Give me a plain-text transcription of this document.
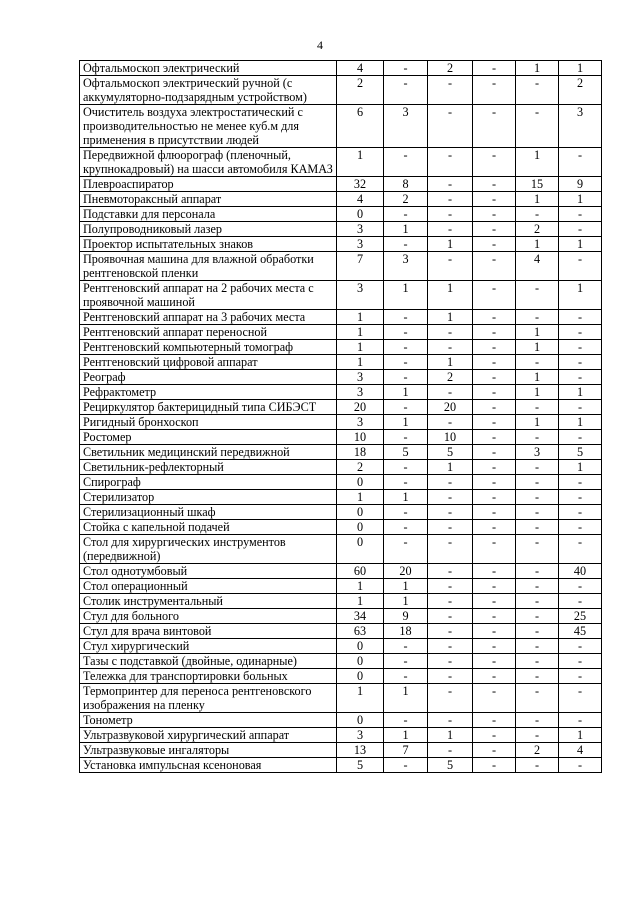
4
Офтальмоскоп электрический	4	-	2	-	1	1
Офтальмоскоп электрический ручной (с аккумуляторно-подзарядным устройством)	2	-	-	-	-	2
Очиститель воздуха электростатический с производительностью не менее куб.м для применения в присутствии людей	6	3	-	-	-	3
Передвижной флюорограф (пленочный, крупнокадровый) на шасси автомобиля КАМАЗ	1	-	-	-	1	-
Плевроаспиратор	32	8	-	-	15	9
Пневмотораксный аппарат	4	2	-	-	1	1
Подставки для персонала	0	-	-	-	-	-
Полупроводниковый лазер	3	1	-	-	2	-
Проектор испытательных знаков	3	-	1	-	1	1
Проявочная машина для влажной обработки рентгеновской пленки	7	3	-	-	4	-
Рентгеновский аппарат на 2 рабочих места с проявочной машиной	3	1	1	-	-	1
Рентгеновский аппарат на 3 рабочих места	1	-	1	-	-	-
Рентгеновский аппарат переносной	1	-	-	-	1	-
Рентгеновский компьютерный томограф	1	-	-	-	1	-
Рентгеновский цифровой аппарат	1	-	1	-	-	-
Реограф	3	-	2	-	1	-
Рефрактометр	3	1	-	-	1	1
Рециркулятор бактерицидный типа СИБЭСТ	20	-	20	-	-	-
Ригидный бронхоскоп	3	1	-	-	1	1
Ростомер	10	-	10	-	-	-
Светильник медицинский передвижной	18	5	5	-	3	5
Светильник-рефлекторный	2	-	1	-	-	1
Спирограф	0	-	-	-	-	-
Стерилизатор	1	1	-	-	-	-
Стерилизационный шкаф	0	-	-	-	-	-
Стойка с капельной подачей	0	-	-	-	-	-
Стол для хирургических инструментов (передвижной)	0	-	-	-	-	-
Стол однотумбовый	60	20	-	-	-	40
Стол операционный	1	1	-	-	-	-
Столик инструментальный	1	1	-	-	-	-
Стул для больного	34	9	-	-	-	25
Стул для врача винтовой	63	18	-	-	-	45
Стул хирургический	0	-	-	-	-	-
Тазы с подставкой (двойные, одинарные)	0	-	-	-	-	-
Тележка для транспортировки больных	0	-	-	-	-	-
Термопринтер для переноса рентгеновского изображения на пленку	1	1	-	-	-	-
Тонометр	0	-	-	-	-	-
Ультразвуковой хирургический аппарат	3	1	1	-	-	1
Ультразвуковые ингаляторы	13	7	-	-	2	4
Установка импульсная ксеноновая	5	-	5	-	-	-
